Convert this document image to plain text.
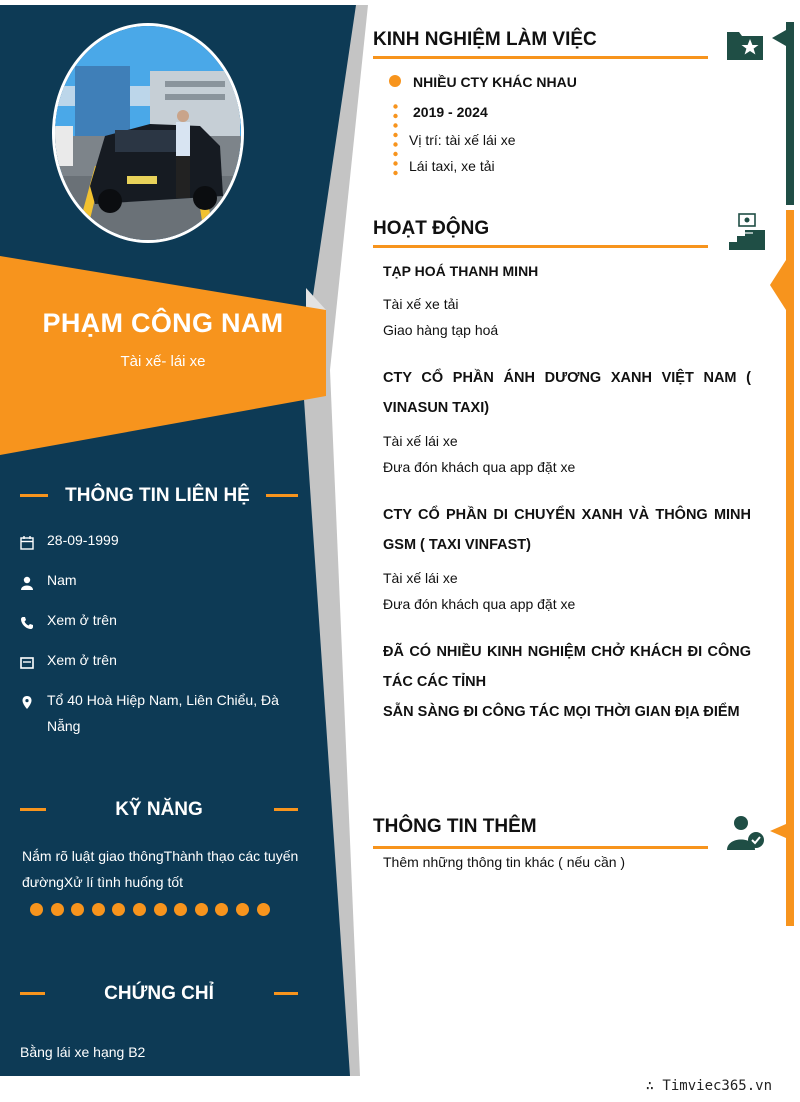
PHẠM CÔNG NAM
Tài xế- lái xe
THÔNG TIN LIÊN HỆ
28-09-1999
Nam
Xem ở trên
Xem ở trên
Tổ 40 Hoà Hiệp Nam, Liên Chiểu, Đà Nẵng
KỸ NĂNG
Nắm rõ luật giao thôngThành thạo các tuyến đườngXử lí tình huống tốt
CHỨNG CHỈ
Bằng lái xe hạng B2
KINH NGHIỆM LÀM VIỆC
NHIỀU CTY KHÁC NHAU
2019 - 2024
Vị trí: tài xế lái xe
Lái taxi, xe tải
HOẠT ĐỘNG
TẠP HOÁ THANH MINH
Tài xế xe tải
Giao hàng tạp hoá
CTY CỔ PHẦN ÁNH DƯƠNG XANH VIỆT NAM ( VINASUN TAXI)
Tài xế lái xe
Đưa đón khách qua app đặt xe
CTY CỔ PHẦN DI CHUYỂN XANH VÀ THÔNG MINH GSM ( TAXI VINFAST)
Tài xế lái xe
Đưa đón khách qua app đặt xe
ĐÃ CÓ NHIỀU KINH NGHIỆM CHỞ KHÁCH ĐI CÔNG TÁC CÁC TỈNH
SẴN SÀNG ĐI CÔNG TÁC MỌI THỜI GIAN ĐỊA ĐIỂM
THÔNG TIN THÊM
Thêm những thông tin khác ( nếu cần )
∴ Timviec365.vn
